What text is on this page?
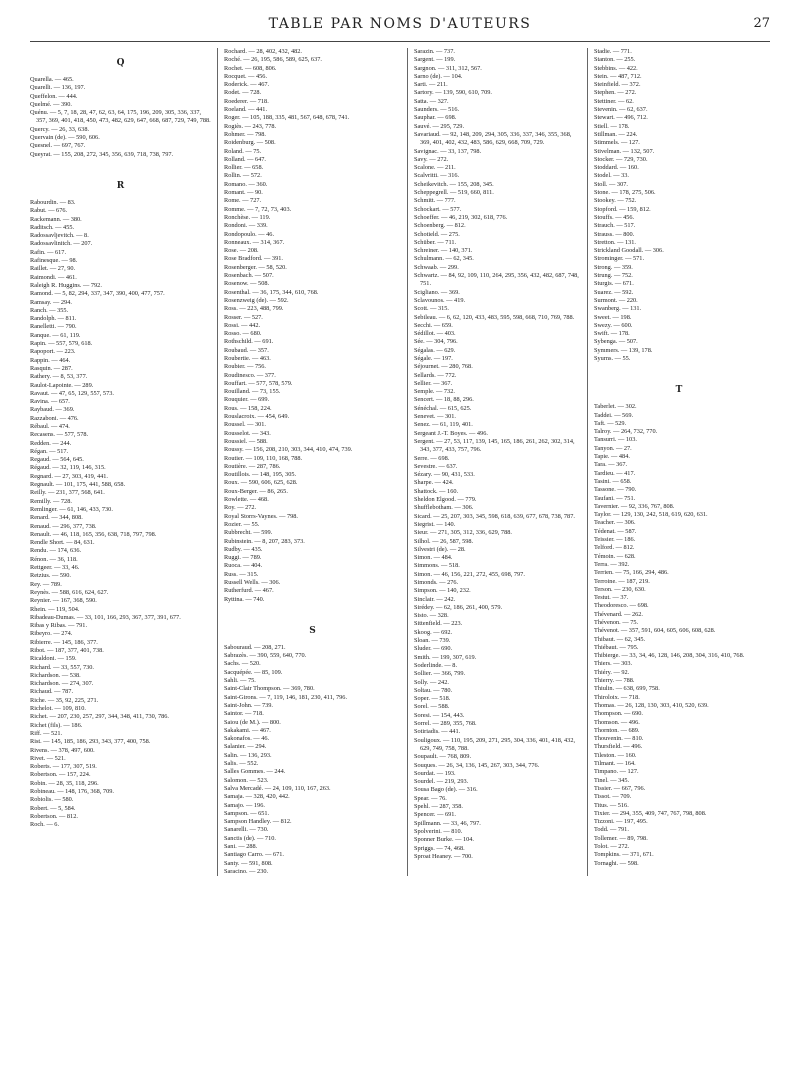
TABLE PAR NOMS D'AUTEURS	27
Q
Quarella. — 465.
Quarelli. — 136, 197.
Queffelon. — 444.
Quelmé. — 390.
Quénu. — 5, 7, 18, 28, 47, 62, 63, 64, 175, 196, 209, 305, 336, 337, 357, 369, 401, 418, 450, 473, 482, 629, 647, 668, 687, 729, 749, 788.
Quercy. — 26, 33, 638.
Quervain (de). — 590, 606.
Quesnel. — 697, 767.
Queyrat. — 155, 208, 272, 345, 356, 639, 718, 738, 797.
R
Rabourdin. — 83.
Rabut. — 676.
Rackemann. — 380.
Raditsch. — 455.
Radossavljevitch. — 8.
Radossavlinitch. — 207.
Rafin. — 617.
Rafinesque. — 98.
Raillet. — 27, 90.
Raimondi. — 461.
Raleigh R. Huggins. — 792.
Ramond. — 5, 82, 294, 337, 347, 390, 400, 477, 757.
Ramsay. — 294.
Ranch. — 355.
Randolph. — 811.
Ranelletti. — 790.
Ranque. — 61, 119.
Rapin. — 557, 579, 618.
Rapoport. — 223.
Rappin. — 464.
Rasquin. — 287.
Rathery. — 8, 53, 377.
Raulot-Lapointe. — 289.
Ravaut. — 47, 65, 129, 557, 573.
Ravina. — 657.
Raybaud. — 369.
Razzaboni. — 476.
Rébaul. — 474.
Recasens. — 577, 578.
Redden. — 244.
Régan. — 517.
Regaud. — 564, 645.
Régaud. — 32, 119, 146, 315.
Regnard. — 27, 303, 419, 441.
Regnault. — 101, 175, 441, 588, 658.
Reilly. — 231, 377, 568, 641.
Remilly. — 728.
Remlinger. — 61, 146, 433, 730.
Renard. — 344, 808.
Renaud. — 296, 377, 738.
Renault. — 46, 118, 165, 356, 638, 718, 797, 798.
Rendle Short. — 84, 631.
Rendu. — 174, 636.
Rénon. — 36, 118.
Rettgeer. — 33, 46.
Retzius. — 590.
Rey. — 789.
Reynès. — 588, 616, 624, 627.
Reynier. — 167, 368, 590.
Rhein. — 119, 504.
Ribadeau-Dumas. — 33, 101, 166, 293, 367, 377, 391, 677.
Ribas y Ribas. — 791.
Ribeyro. — 274.
Ribierre. — 145, 186, 377.
Ribot. — 187, 377, 401, 738.
Ricaldoni. — 159.
Richard. — 33, 557, 730.
Richardson. — 538.
Richardson. — 274, 307.
Richaud. — 787.
Riche. — 35, 92, 225, 271.
Richelot. — 109, 810.
Richet. — 207, 230, 257, 297, 344, 348, 411, 730, 786.
Richet (fils). — 186.
Riff. — 521.
Rist. — 145, 185, 186, 293, 343, 377, 400, 758.
Rivens. — 378, 497, 600.
Rivet. — 521.
Roberts. — 177, 307, 519.
Robertson. — 157, 224.
Robin. — 28, 35, 118, 296.
Robineau. — 148, 176, 368, 709.
Robiolis. — 580.
Robert. — 5, 584.
Robertson. — 812.
Roch. — 6.
Rochard. — 28, 402, 432, 482.
Roché. — 26, 195, 586, 589, 625, 637.
Rochet. — 608, 806.
Rocquet. — 456.
Roderick. — 467.
Rodet. — 728.
Roederer. — 718.
Roeland. — 441.
Roger. — 105, 188, 335, 481, 567, 648, 678, 741.
Rogiès. — 243, 778.
Rohmer. — 798.
Roidenburg. — 508.
Roland. — 75.
Rolland. — 647.
Rollier. — 658.
Rollin. — 572.
Romano. — 360.
Romant. — 90.
Rome. — 727.
Romme. — 7, 72, 73, 403.
Ronchèse. — 119.
Rondoni. — 339.
Rondopoulo. — 46.
Ronneaux. — 314, 367.
Rose. — 208.
Rose Bradford. — 391.
Rosenberger. — 58, 520.
Rosenbach. — 507.
Rosenow. — 508.
Rosenthal. — 36, 175, 344, 610, 768.
Rosenzweig (de). — 592.
Ross. — 223, 488, 799.
Rosser. — 527.
Rossi. — 442.
Rosso. — 680.
Rothschild. — 691.
Roubaud. — 357.
Roubertie. — 463.
Roubier. — 756.
Roudinesco. — 377.
Rouffart. — 577, 578, 579.
Rouilland. — 73, 155.
Rouquier. — 699.
Rous. — 158, 224.
Rouslacroix. — 454, 649.
Roussel. — 301.
Rousselot. — 343.
Roussiel. — 588.
Roussy. — 156, 208, 210, 303, 344, 410, 474, 739.
Routier. — 109, 110, 168, 788.
Routière. — 287, 786.
Routillois. — 148, 195, 305.
Roux. — 590, 606, 625, 628.
Roux-Berger. — 86, 265.
Rowlette. — 468.
Roy. — 272.
Royal Storrs-Vaynes. — 798.
Rozier. — 55.
Rubbrecht. — 599.
Rubinstein. — 8, 207, 283, 373.
Rudby. — 435.
Ruggi. — 789.
Ruoca. — 404.
Russ. — 315.
Russell Wells. — 306.
Rutherfurd. — 467.
Ryttina. — 740.
S
Sabouraud. — 208, 271.
Sabrazès. — 390, 559, 640, 770.
Sachs. — 520.
Sacquépée. — 85, 109.
Sahli. — 75.
Saint-Clair Thompson. — 369, 780.
Saint-Girons. — 7, 119, 146, 181, 230, 411, 796.
Saint-John. — 739.
Saintor. — 718.
Saiou (de M.). — 800.
Sakakami. — 467.
Sakonafos. — 46.
Salanier. — 294.
Salin. — 136, 293.
Salis. — 552.
Salles Gommes. — 244.
Salomon. — 523.
Salva Mercadé. — 24, 109, 110, 167, 263.
Samaja. — 328, 420, 442.
Samajo. — 196.
Sampson. — 651.
Sampson Handley. — 812.
Sanarelli. — 730.
Sanctis (de). — 710.
Sani. — 288.
Santiago Carro. — 671.
Santy. — 591, 808.
Saracino. — 230.
Sarazin. — 737.
Sargent. — 199.
Sargnon. — 311, 312, 567.
Sarno (de). — 104.
Sarti. — 211.
Sartory. — 139, 590, 610, 709.
Satta. — 327.
Saunders. — 516.
Sauphar. — 698.
Sauvé. — 295, 729.
Savariaud. — 92, 148, 209, 294, 305, 336, 337, 346, 355, 368, 369, 401, 402, 432, 483, 586, 629, 668, 709, 729.
Savignac. — 33, 137, 798.
Savy. — 272.
Scalone. — 211.
Scalvritti. — 316.
Scheikevitch. — 155, 208, 345.
Scheppegrell. — 519, 660, 811.
Schmitt. — 777.
Schockart. — 577.
Schoeffer. — 46, 219, 302, 618, 776.
Schoenberg. — 812.
Schotield. — 275.
Schüber. — 711.
Schreiner. — 140, 371.
Schulmann. — 62, 345.
Schwaab. — 299.
Schwartz. — 84, 92, 109, 110, 264, 295, 356, 432, 482, 687, 748, 751.
Scigliano. — 369.
Sclavounos. — 419.
Scott. — 315.
Sebileau. — 6, 62, 120, 433, 483, 595, 598, 668, 710, 769, 788.
Secchi. — 659.
Sédillot. — 403.
Sée. — 304, 796.
Ségalas. — 629.
Ségale. — 197.
Séjournet. — 280, 768.
Sellards. — 772.
Sellier. — 367.
Semple. — 732.
Sencert. — 18, 88, 296.
Sénéchal. — 615, 625.
Senevet. — 301.
Senez. — 61, 119, 401.
Sergeant J.-T. Boyes. — 496.
Sergent. — 27, 53, 117, 139, 145, 165, 186, 261, 262, 302, 314, 343, 377, 433, 757, 796.
Serre. — 698.
Sevestre. — 637.
Sézary. — 90, 431, 533.
Sharpe. — 424.
Shattock. — 160.
Sheldon Elgood. — 779.
Shufflebotham. — 306.
Sicard. — 25, 207, 303, 345, 598, 618, 639, 677, 678, 738, 787.
Siegrist. — 140.
Sieur. — 271, 305, 312, 336, 629, 788.
Silhol. — 26, 587, 598.
Silvestri (de). — 28.
Simon. — 484.
Simmons. — 518.
Simon. — 46, 156, 221, 272, 455, 698, 797.
Simonds. — 276.
Simpson. — 140, 232.
Sinclair. — 242.
Sirédey. — 62, 186, 261, 400, 579.
Sisto. — 328.
Sittenfield. — 223.
Skoog. — 692.
Sloan. — 739.
Sluder. — 690.
Smith. — 199, 307, 619.
Soderlinde. — 8.
Sollier. — 366, 799.
Solly. — 242.
Soltau. — 780.
Soper. — 518.
Sorel. — 588.
Soresi. — 154, 443.
Sorrel. — 289, 355, 768.
Sotiriadis. — 441.
Souligoux. — 110, 195, 209, 271, 295, 304, 336, 401, 418, 432, 629, 749, 758, 788.
Soupault. — 768, 809.
Souques. — 26, 34, 136, 145, 267, 303, 344, 776.
Sourdat. — 193.
Sourdel. — 219, 293.
Sousa Bago (de). — 316.
Spear. — 76.
Spehl. — 287, 358.
Spencer. — 691.
Spillmann. — 33, 46, 797.
Spolverini. — 810.
Sponner Burke. — 104.
Spriggs. — 74, 468.
Sproat Heaney. — 700.
Stadie. — 771.
Stanton. — 255.
Stebbins. — 422.
Stein. — 487, 712.
Steinfield. — 372.
Stephen. — 272.
Stettiner. — 62.
Stevenin. — 62, 637.
Stewart. — 496, 712.
Stiell. — 178.
Stillman. — 224.
Stimmels. — 127.
Stivelman. — 132, 507.
Stocker. — 729, 730.
Stoddard. — 160.
Stodel. — 33.
Stoll. — 307.
Stone. — 178, 275, 506.
Stookey. — 752.
Stopford. — 159, 812.
Stouffs. — 456.
Strauch. — 517.
Strauss. — 800.
Stretton. — 131.
Strickland Goodall. — 306.
Strominger. — 571.
Strong. — 359.
Strung. — 752.
Sturgis. — 671.
Suarez. — 592.
Surmont. — 220.
Swanberg. — 131.
Sweet. — 198.
Swezy. — 600.
Swift. — 178.
Sybenga. — 507.
Symmers. — 139, 178.
Syurns. — 55.
T
Taberlet. — 302.
Taddei. — 569.
Taft. — 529.
Talroy. — 264, 732, 770.
Tansurri. — 103.
Tanyon. — 27.
Tapie. — 484.
Tara. — 367.
Tardieu. — 417.
Tasini. — 658.
Tassone. — 790.
Taufani. — 751.
Tavernier. — 92, 336, 767, 808.
Taylor. — 129, 130, 242, 518, 619, 620, 631.
Teacher. — 306.
Tédenat. — 587.
Teissier. — 186.
Telford. — 812.
Témoin. — 628.
Terra. — 392.
Terrien. — 75, 166, 294, 486.
Terroine. — 187, 219.
Terson. — 230, 630.
Testut. — 37.
Theodoresco. — 698.
Thévenard. — 262.
Thévenon. — 75.
Thévenot. — 357, 591, 604, 605, 606, 608, 628.
Thibaut. — 62, 345.
Thiébaut. — 795.
Thibierge. — 33, 34, 46, 128, 146, 208, 304, 316, 410, 768.
Thiers. — 303.
Thiéry. — 92.
Thierry. — 788.
Thiulin. — 638, 699, 758.
Thiroloix. — 718.
Thomas. — 26, 128, 130, 303, 410, 520, 639.
Thompson. — 690.
Thomson. — 496.
Thornton. — 689.
Thouvenin. — 810.
Thursfield. — 496.
Tileston. — 160.
Tilmant. — 164.
Timpano. — 127.
Tinel. — 345.
Tissier. — 667, 796.
Tissot. — 709.
Titus. — 516.
Tixier. — 294, 355, 409, 747, 767, 798, 808.
Tizzoni. — 197, 495.
Todd. — 791.
Tollemer. — 89, 798.
Tolot. — 272.
Tompkins. — 371, 671.
Tornaghi. — 598.
